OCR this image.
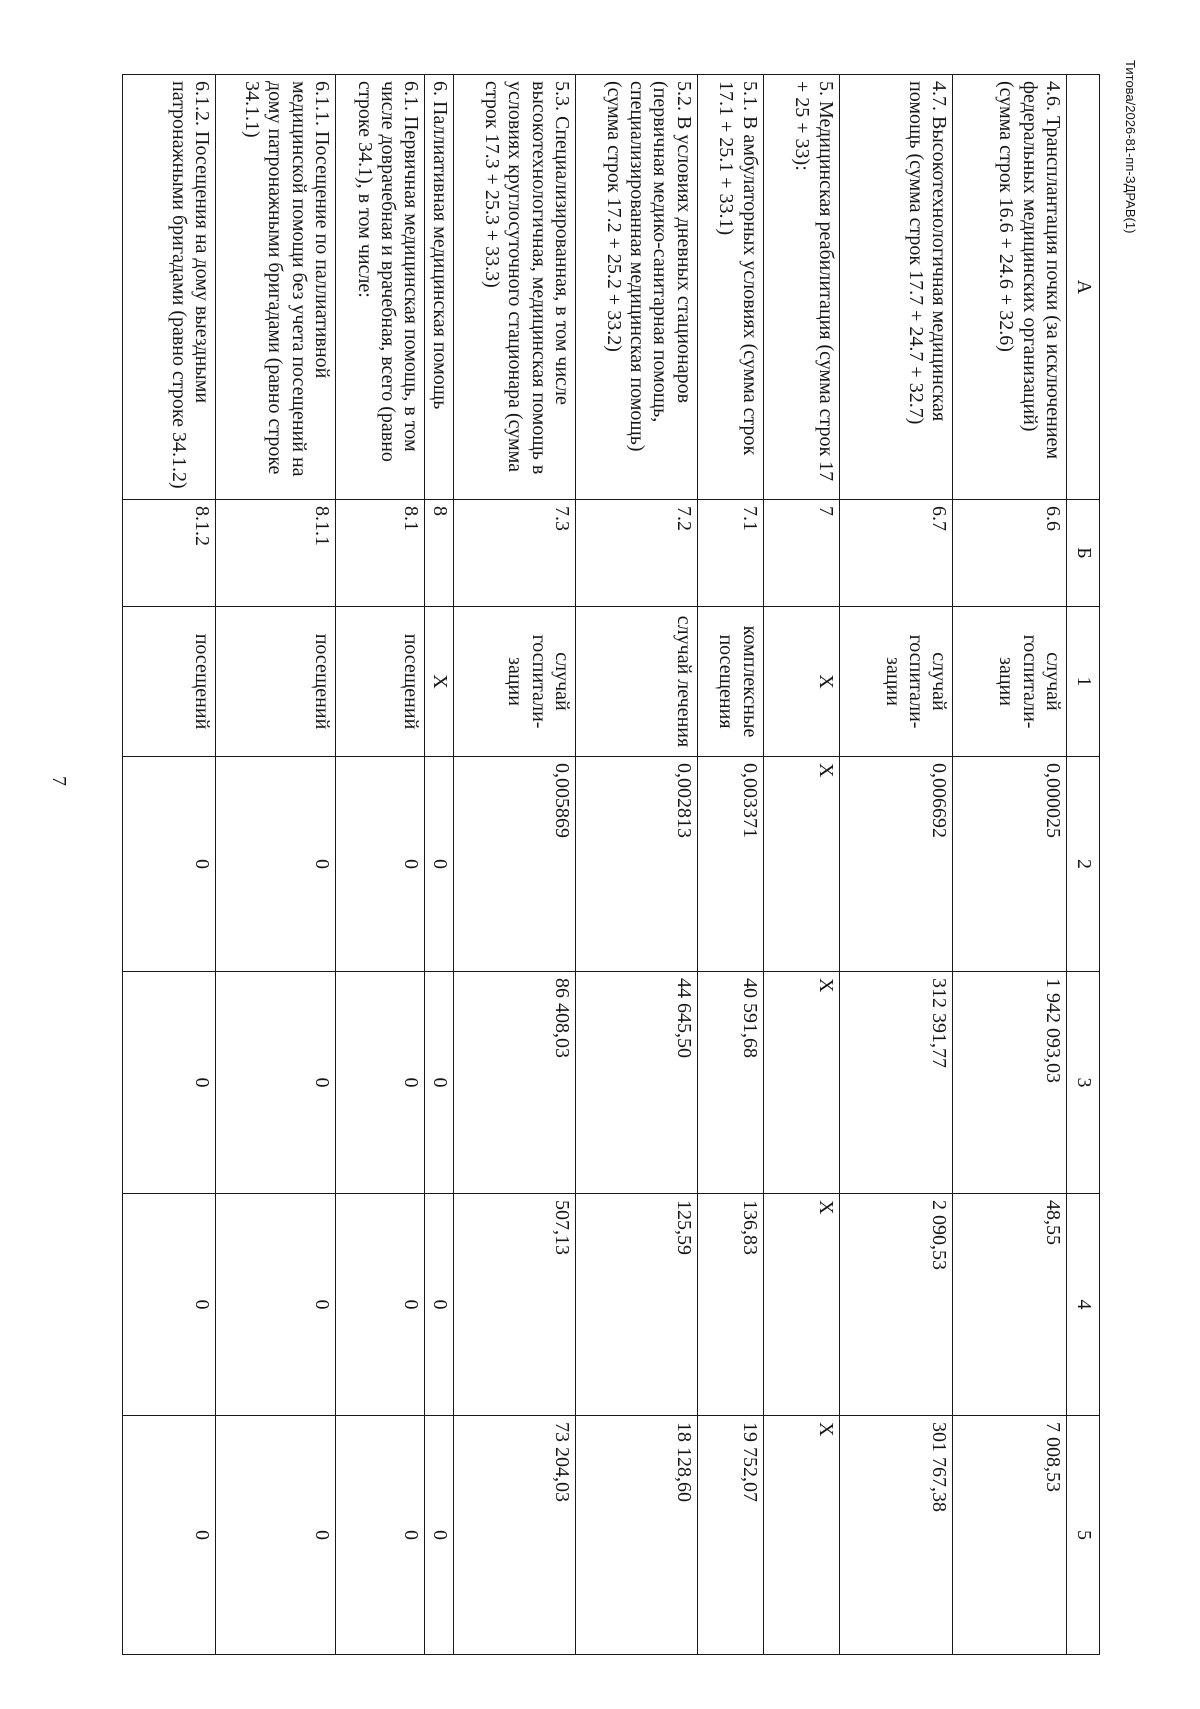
7
Титова/2026-81-пп-ЗДРАВ(1)
А	Б	1	2	3	4	5
4.6. Трансплантация почки (за исключением федеральных медицинских организаций) (сумма строк 16.6 + 24.6 + 32.6)	6.6	случай госпитали-зации	0,000025	1 942 093,03	48,55	7 008,53
4.7. Высокотехнологичная медицинская помощь (сумма строк 17.7 + 24.7 + 32.7)	6.7	случай госпитали-зации	0,006692	312 391,77	2 090,53	301 767,38
5. Медицинская реабилитация (сумма строк 17 + 25 + 33):	7	Х	Х	Х	Х	Х
5.1. В амбулаторных условиях (сумма строк 17.1 + 25.1 + 33.1)	7.1	комплексные посещения	0,003371	40 591,68	136,83	19 752,07
5.2. В условиях дневных стационаров (первичная медико-санитарная помощь, специализированная медицинская помощь) (сумма строк 17.2 + 25.2 + 33.2)	7.2	случай лечения	0,002813	44 645,50	125,59	18 128,60
5.3. Специализированная, в том числе высокотехнологичная, медицинская помощь в условиях круглосуточного стационара (сумма строк 17.3 + 25.3 + 33.3)	7.3	случай госпитали-зации	0,005869	86 408,03	507,13	73 204,03
6. Паллиативная медицинская помощь	8	Х	0	0	0	0
6.1. Первичная медицинская помощь, в том числе доврачебная и врачебная, всего (равно строке 34.1), в том числе:	8.1	посещений	0	0	0	0
6.1.1. Посещение по паллиативной медицинской помощи без учета посещений на дому патронажными бригадами (равно строке 34.1.1)	8.1.1	посещений	0	0	0	0
6.1.2. Посещения на дому выездными патронажными бригадами (равно строке 34.1.2)	8.1.2	посещений	0	0	0	0
